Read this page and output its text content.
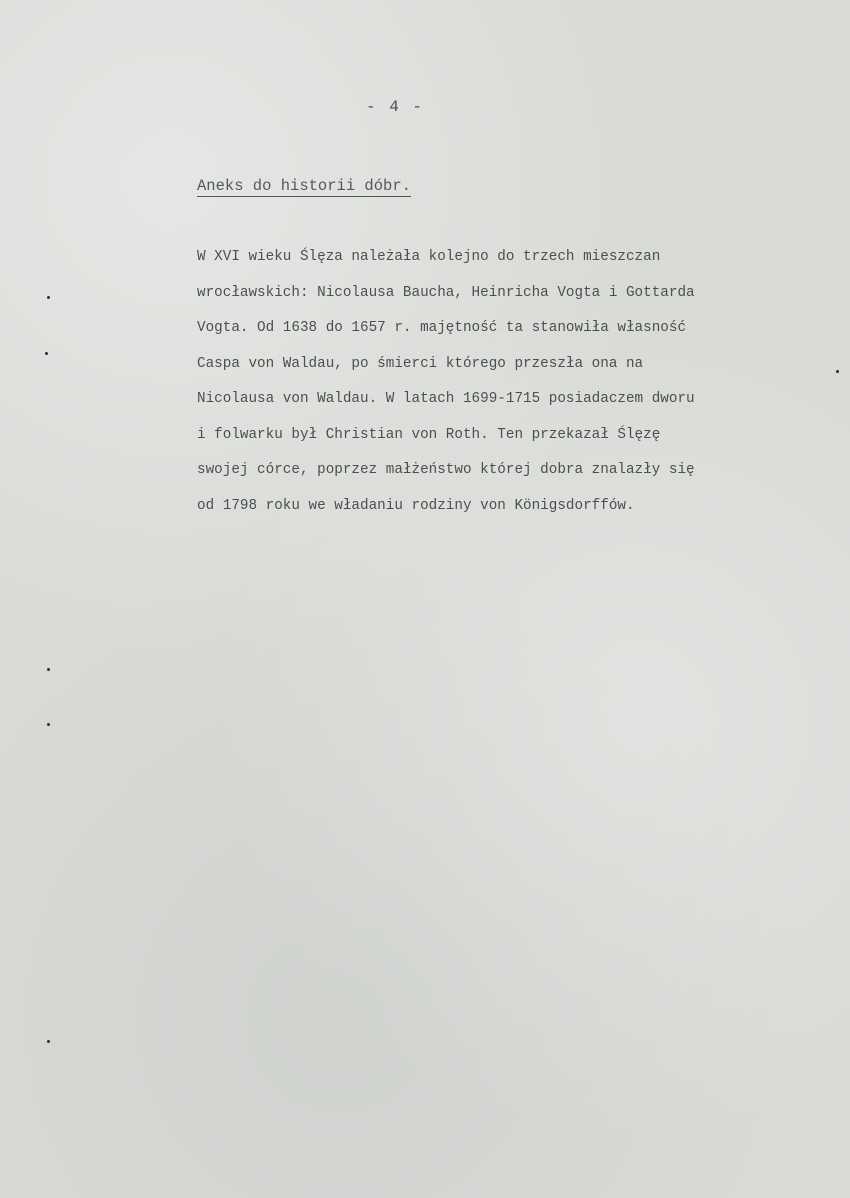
- 4 -
Aneks do historii dóbr.
W XVI wieku Ślęza należała kolejno do trzech mieszczan
wrocławskich: Nicolausa Baucha, Heinricha Vogta i Gottarda
Vogta. Od 1638 do 1657 r. majętność ta stanowiła własność
Caspa von Waldau, po śmierci którego przeszła ona na
Nicolausa von Waldau. W latach 1699-1715 posiadaczem dworu
i folwarku był Christian von Roth. Ten przekazał Ślęzę
swojej córce, poprzez małżeństwo której dobra znalazły się
od 1798 roku we władaniu rodziny von Königsdorffów.
